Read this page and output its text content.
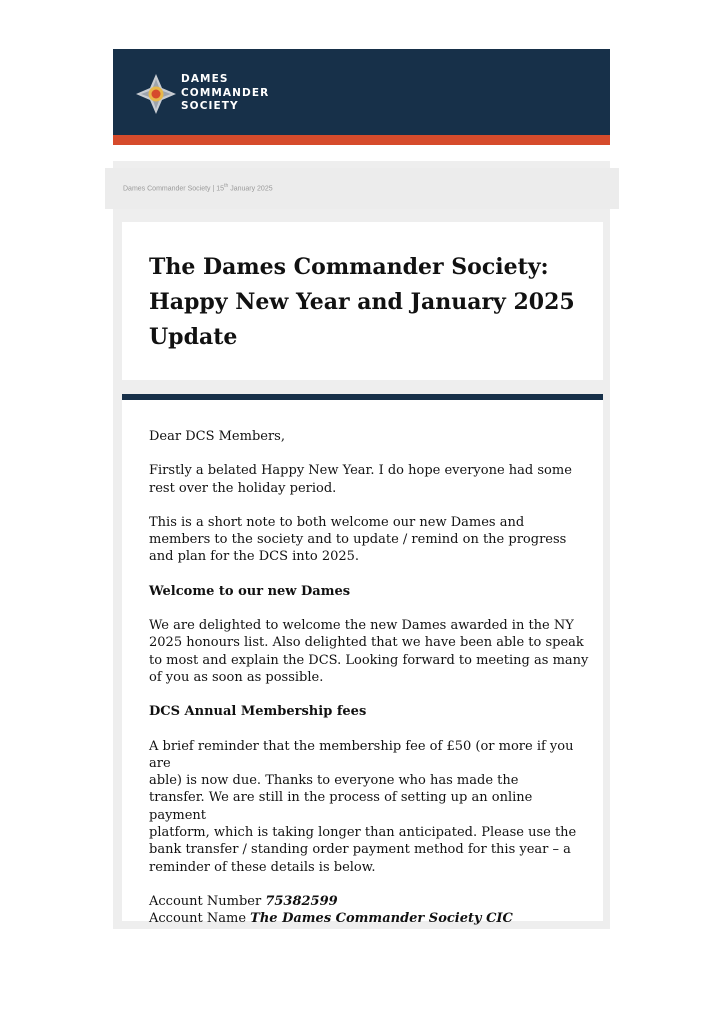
DAMES
COMMANDER
SOCIETY
Dames Commander Society | 15th January 2025
The Dames Commander Society:
Happy New Year and January 2025
Update

Dear DCS Members,

Firstly a belated Happy New Year. I do hope everyone had some rest over the holiday period.

This is a short note to both welcome our new Dames and members to the society and to update / remind on the progress and plan for the DCS into 2025.

Welcome to our new Dames

We are delighted to welcome the new Dames awarded in the NY 2025 honours list. Also delighted that we have been able to speak to most and explain the DCS. Looking forward to meeting as many of you as soon as possible.

DCS Annual Membership fees

A brief reminder that the membership fee of £50 (or more if you are
able) is now due. Thanks to everyone who has made the
transfer. We are still in the process of setting up an online payment
platform, which is taking longer than anticipated. Please use the
bank transfer / standing order payment method for this year – a
reminder of these details is below.

Account Number 75382599
Account Name The Dames Commander Society CIC
